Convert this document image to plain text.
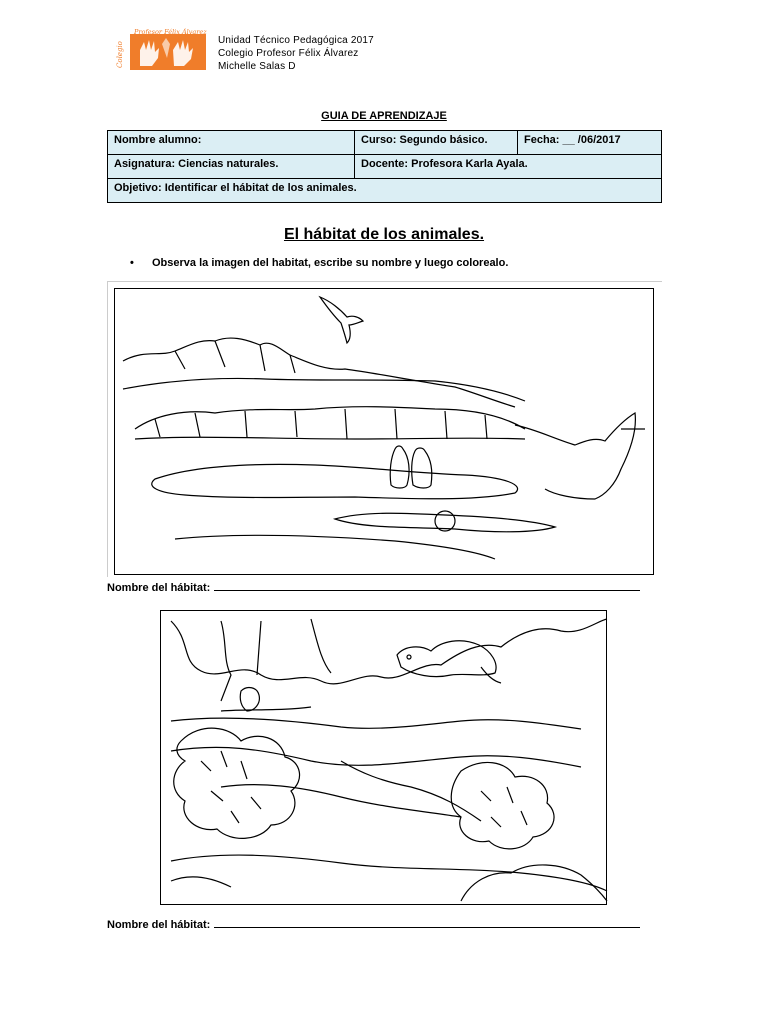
Colegio
Profesor Félix Álvarez
Unidad Técnico Pedagógica 2017
Colegio Profesor Félix Álvarez
Michelle Salas D
GUIA DE APRENDIZAJE
Nombre alumno:	Curso: Segundo básico.	Fecha: __ /06/2017
Asignatura: Ciencias naturales.	Docente: Profesora Karla Ayala.	
Objetivo: Identificar el hábitat de los animales.		
El hábitat de los animales.
• Observa la imagen del habitat, escribe su nombre y luego colorealo.
Nombre del hábitat:
Nombre del hábitat:
